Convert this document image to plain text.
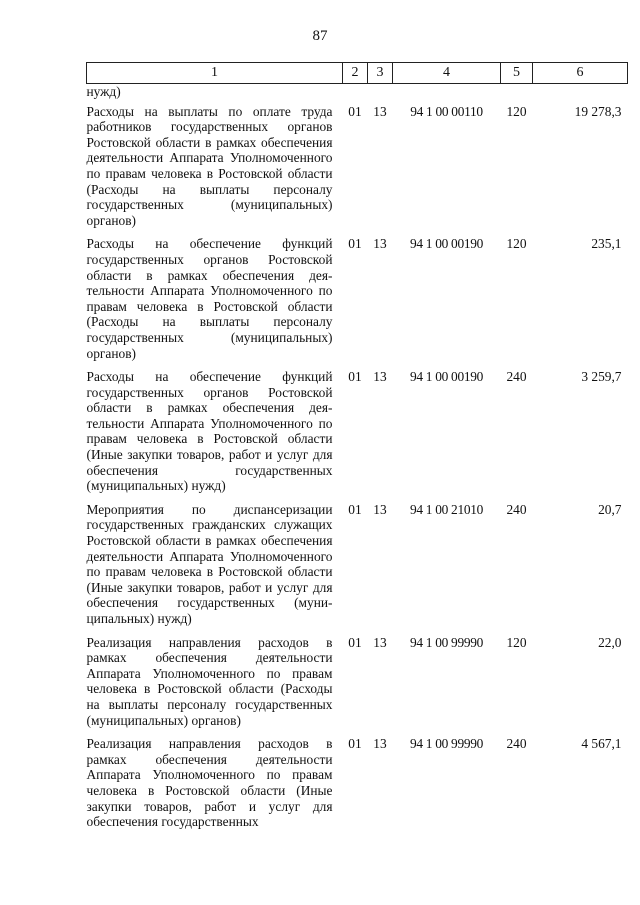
87
1	2	3	4	5	6
нужд)					
Расходы на выплаты по оплате труда работников государственных органов Ростовской области в рамках обеспечения деятельности Аппарата Уполномоченного по правам человека в Ростовской области (Расходы на выплаты персоналу государственных (муниципальных) органов)	01	13	94 1 00 00110	120	19 278,3
Расходы на обеспечение функций государственных органов Ростовской области в рамках обеспечения деятельности Аппарата Уполномоченного по правам человека в Ростовской области (Расходы на выплаты персоналу государственных (муниципальных) органов)	01	13	94 1 00 00190	120	235,1
Расходы на обеспечение функций государственных органов Ростовской области в рамках обеспечения деятельности Аппарата Уполномоченного по правам человека в Ростовской области (Иные закупки товаров, работ и услуг для обеспечения государственных (муниципальных) нужд)	01	13	94 1 00 00190	240	3 259,7
Мероприятия по диспансеризации государственных гражданских служащих Ростовской области в рамках обеспечения деятельности Аппарата Уполномоченного по правам человека в Ростовской области (Иные закупки товаров, работ и услуг для обеспечения государственных (муниципальных) нужд)	01	13	94 1 00 21010	240	20,7
Реализация направления расходов в рамках обеспечения деятельности Аппарата Уполномоченного по правам человека в Ростовской области (Расходы на выплаты персоналу государственных (муниципальных) органов)	01	13	94 1 00 99990	120	22,0
Реализация направления расходов в рамках обеспечения деятельности Аппарата Уполномоченного по правам человека в Ростовской области (Иные закупки товаров, работ и услуг для обеспечения государственных	01	13	94 1 00 99990	240	4 567,1
